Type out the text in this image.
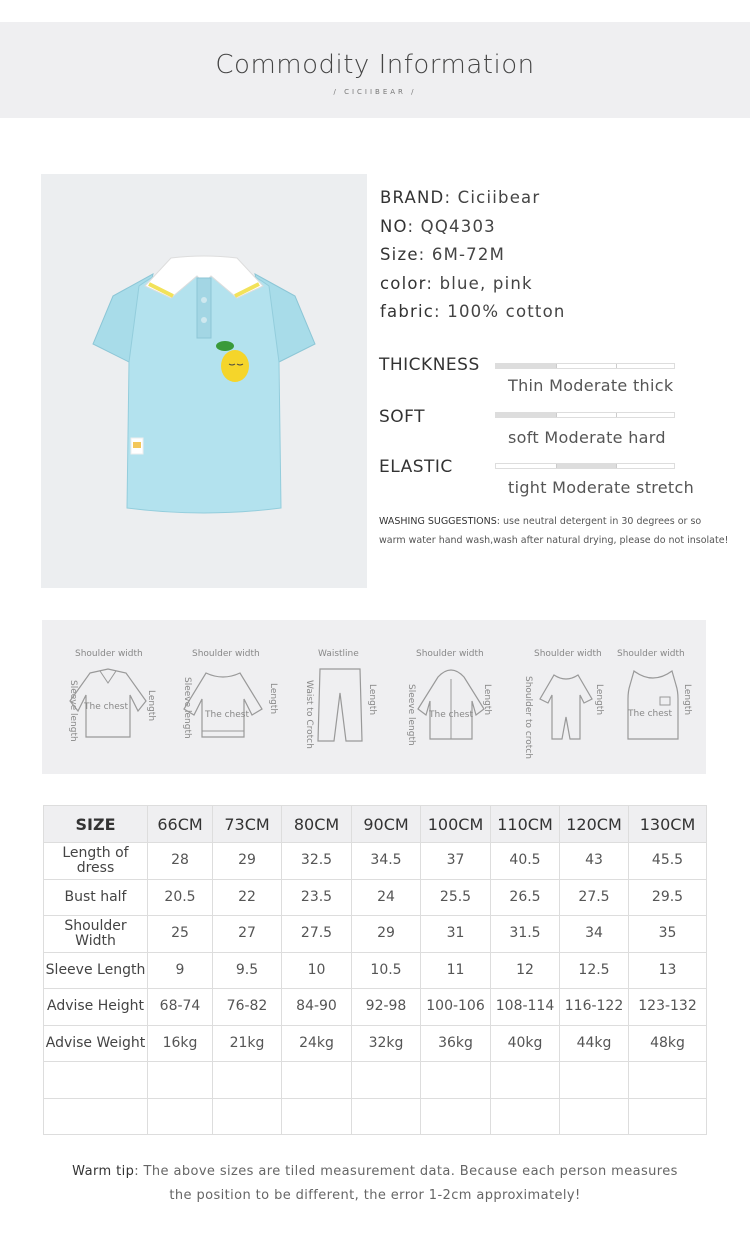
Commodity Information
/ CICIIBEAR /
BRAND: Ciciibear
NO: QQ4303
Size: 6M-72M
color: blue, pink
fabric: 100% cotton
THICKNESS
Thin Moderate thick
SOFT
soft Moderate hard
ELASTIC
tight Moderate stretch
WASHING SUGGESTIONS: use neutral detergent in 30 degrees or so warm water hand wash,wash after natural drying, please do not insolate!
Shoulder width
Sleeve length	Length
The chest
Shoulder width
Sleeve length	Length
The chest
Waistline
Waist to Crotch	Length
Shoulder width
Sleeve length	Length
The chest
Shoulder width
Shoulder to crotch	Length
Shoulder width
Length
The chest
SIZE	66CM	73CM	80CM	90CM	100CM	110CM	120CM	130CM
Length of dress	28	29	32.5	34.5	37	40.5	43	45.5
Bust half	20.5	22	23.5	24	25.5	26.5	27.5	29.5
Shoulder Width	25	27	27.5	29	31	31.5	34	35
Sleeve Length	9	9.5	10	10.5	11	12	12.5	13
Advise Height	68-74	76-82	84-90	92-98	100-106	108-114	116-122	123-132
Advise Weight	16kg	21kg	24kg	32kg	36kg	40kg	44kg	48kg

Warm tip: The above sizes are tiled measurement data. Because each person measures
the position to be different, the error 1-2cm approximately!
